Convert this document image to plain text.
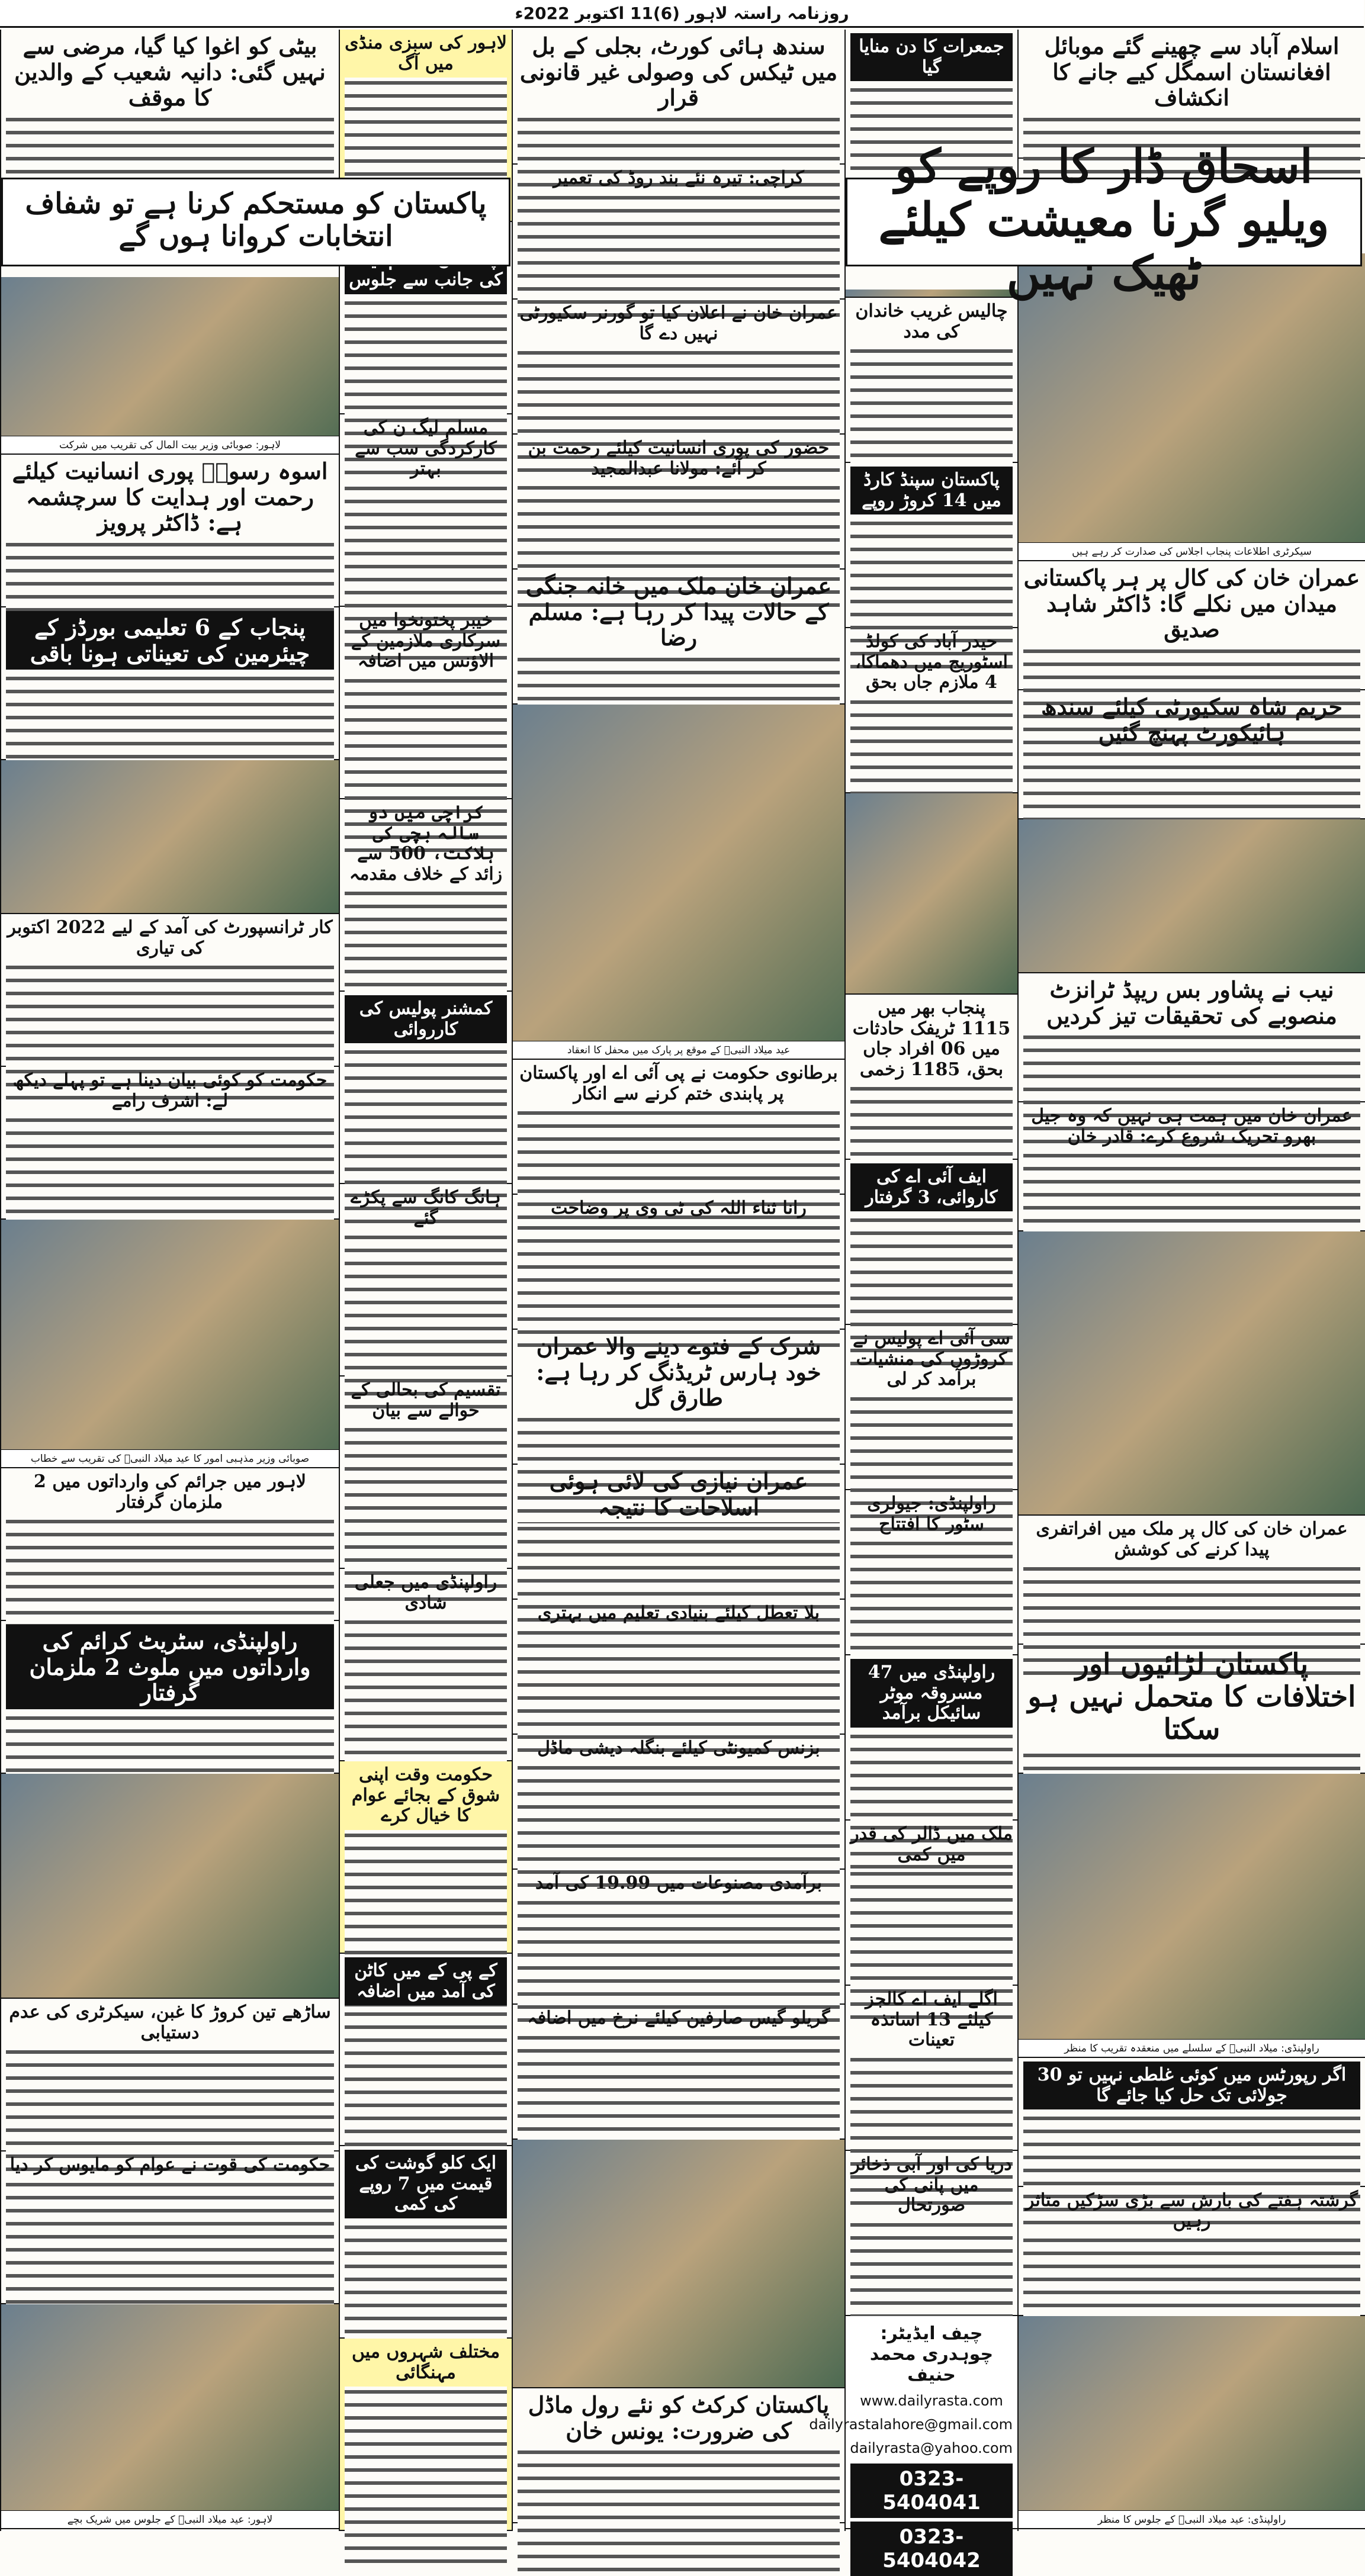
روزنامہ راستہ لاہور (6)11 اکتوبر 2022ء
بیٹی کو اغوا کیا گیا، مرضی سے نہیں گئی: دانیہ شعیب کے والدین کا موقف
لاہور: صوبائی وزیر بیت المال کی تقریب میں شرکت
اسوہ رسولؐ پوری انسانیت کیلئے رحمت اور ہدایت کا سرچشمہ ہے: ڈاکٹر پرویز
پنجاب کے 6 تعلیمی بورڈز کے چیئرمین کی تعیناتی ہونا باقی
کار ٹرانسپورٹ کی آمد کے لیے 2022 اکتوبر کی تیاری
حکومت کو کوئی بیان دینا ہے تو پہلے دیکھ لے: اشرف رامے
صوبائی وزیر مذہبی امور کا عید میلاد النبیؐ کی تقریب سے خطاب
لاہور میں جرائم کی وارداتوں میں 2 ملزمان گرفتار
راولپنڈی، سٹریٹ کرائم کی وارداتوں میں ملوث 2 ملزمان گرفتار
ساڑھے تین کروڑ کا غبن، سیکرٹری کی عدم دستیابی
حکومت کی قوت نے عوام کو مایوس کر دیا
لاہور: عید میلاد النبیؐ کے جلوس میں شریک بچے
لاہور کی سبزی منڈی میں آگ
کی جانب سے جلوس
مسلم لیگ ن کی کارکردگی سب سے بہتر
خیبر پختونخوا میں سرکاری ملازمین کے الاؤنس میں اضافہ
کراچی میں دو سالہ بچی کی ہلاکت، 500 سے زائد کے خلاف مقدمہ
کمشنر پولیس کی کارروائی
ہانگ کانگ سے پکڑے گئے
تقسیم کی بحالی کے حوالے سے بیان
راولپنڈی میں جعلی شادی
حکومت وقت اپنی شوق کے بجائے عوام کا خیال کرے
کے پی کے میں کاٹن کی آمد میں اضافہ
ایک کلو گوشت کی قیمت میں 7 روپے کی کمی
مختلف شہروں میں مہنگائی
سندھ ہائی کورٹ، بجلی کے بل میں ٹیکس کی وصولی غیر قانونی قرار
کراچی: تیرہ نئے بند روڈ کی تعمیر
عمران خان نے اعلان کیا تو گورنر سکیورٹی نہیں دے گا
حضور کی پوری انسانیت کیلئے رحمت بن کر آئے: مولانا عبدالمجید
عمران خان ملک میں خانہ جنگی کے حالات پیدا کر رہا ہے: مسلم رضا
عید میلاد النبیؐ کے موقع پر پارک میں محفل کا انعقاد
برطانوی حکومت نے پی آئی اے اور پاکستان پر پابندی ختم کرنے سے انکار
رانا ثناء اللہ کی ٹی وی پر وضاحت
شرک کے فتوے دینے والا عمران خود ہارس ٹریڈنگ کر رہا ہے: طارق گل
عمران نیازی کی لائی ہوئی اسلاحات کا نتیجہ
بلا تعطل کیلئے بنیادی تعلیم میں بہتری
بزنس کمیونٹی کیلئے بنگلہ دیشی ماڈل
برآمدی مصنوعات میں 19.99 کی آمد
گریلو گیس صارفین کیلئے نرخ میں اضافہ
پاکستان کرکٹ کو نئے رول ماڈل کی ضرورت: یونس خان
جمعرات کا دن منایا گیا
چالیس غریب خاندان کی مدد
پاکستان سپنڈ کارڈ میں 14 کروڑ روپے
حیدر آباد کی کولڈ اسٹوریج میں دھماکا، 4 ملازم جاں بحق
پنجاب بھر میں 1115 ٹریفک حادثات میں 06 افراد جاں بحق، 1185 زخمی
ایف آئی اے کی کاروائی، 3 گرفتار
سی آئی اے پولیس نے کروڑوں کی منشیات برآمد کر لی
راولپنڈی: جیولری سٹور کا افتتاح
راولپنڈی میں 47 مسروقہ موٹر سائیکل برآمد
ملک میں ڈالر کی قدر میں کمی
اگلے ایف اے کالجز کیلئے 13 اساتذہ تعینات
دریا کی اور آبی ذخائر میں پانی کی صورتحال
چیف ایڈیٹر: چوہدری محمد حنیف
www.dailyrasta.com
dailyrastalahore@gmail.com
dailyrasta@yahoo.com
0323-5404041
0323-5404042
اسلام آباد سے چھینے گئے موبائل افغانستان اسمگل کیے جانے کا انکشاف
سیکرٹری اطلاعات پنجاب اجلاس کی صدارت کر رہے ہیں
عمران خان کی کال پر ہر پاکستانی میدان میں نکلے گا: ڈاکٹر شاہد صدیق
حریم شاہ سکیورٹی کیلئے سندھ ہائیکورٹ پہنچ گئیں
نیب نے پشاور بس ریپڈ ٹرانزٹ منصوبے کی تحقیقات تیز کردیں
عمران خان میں ہمت ہی نہیں کہ وہ جیل بھرو تحریک شروع کرے: قادر خان
عمران خان کی کال پر ملک میں افراتفری پیدا کرنے کی کوشش
پاکستان لڑائیوں اور اختلافات کا متحمل نہیں ہو سکتا
راولپنڈی: میلاد النبیؐ کے سلسلے میں منعقدہ تقریب کا منظر
اگر رپورٹس میں کوئی غلطی نہیں تو 30 جولائی تک حل کیا جائے گا
گرشتہ ہفتے کی بارش سے بڑی سڑکیں متاثر رہیں
راولپنڈی: عید میلاد النبیؐ کے جلوس کا منظر
اسحاق ڈار کا روپے کو ویلیو گرنا معیشت کیلئے ٹھیک نہیں
پاکستان کو مستحکم کرنا ہے تو شفاف انتخابات کروانا ہوں گے
